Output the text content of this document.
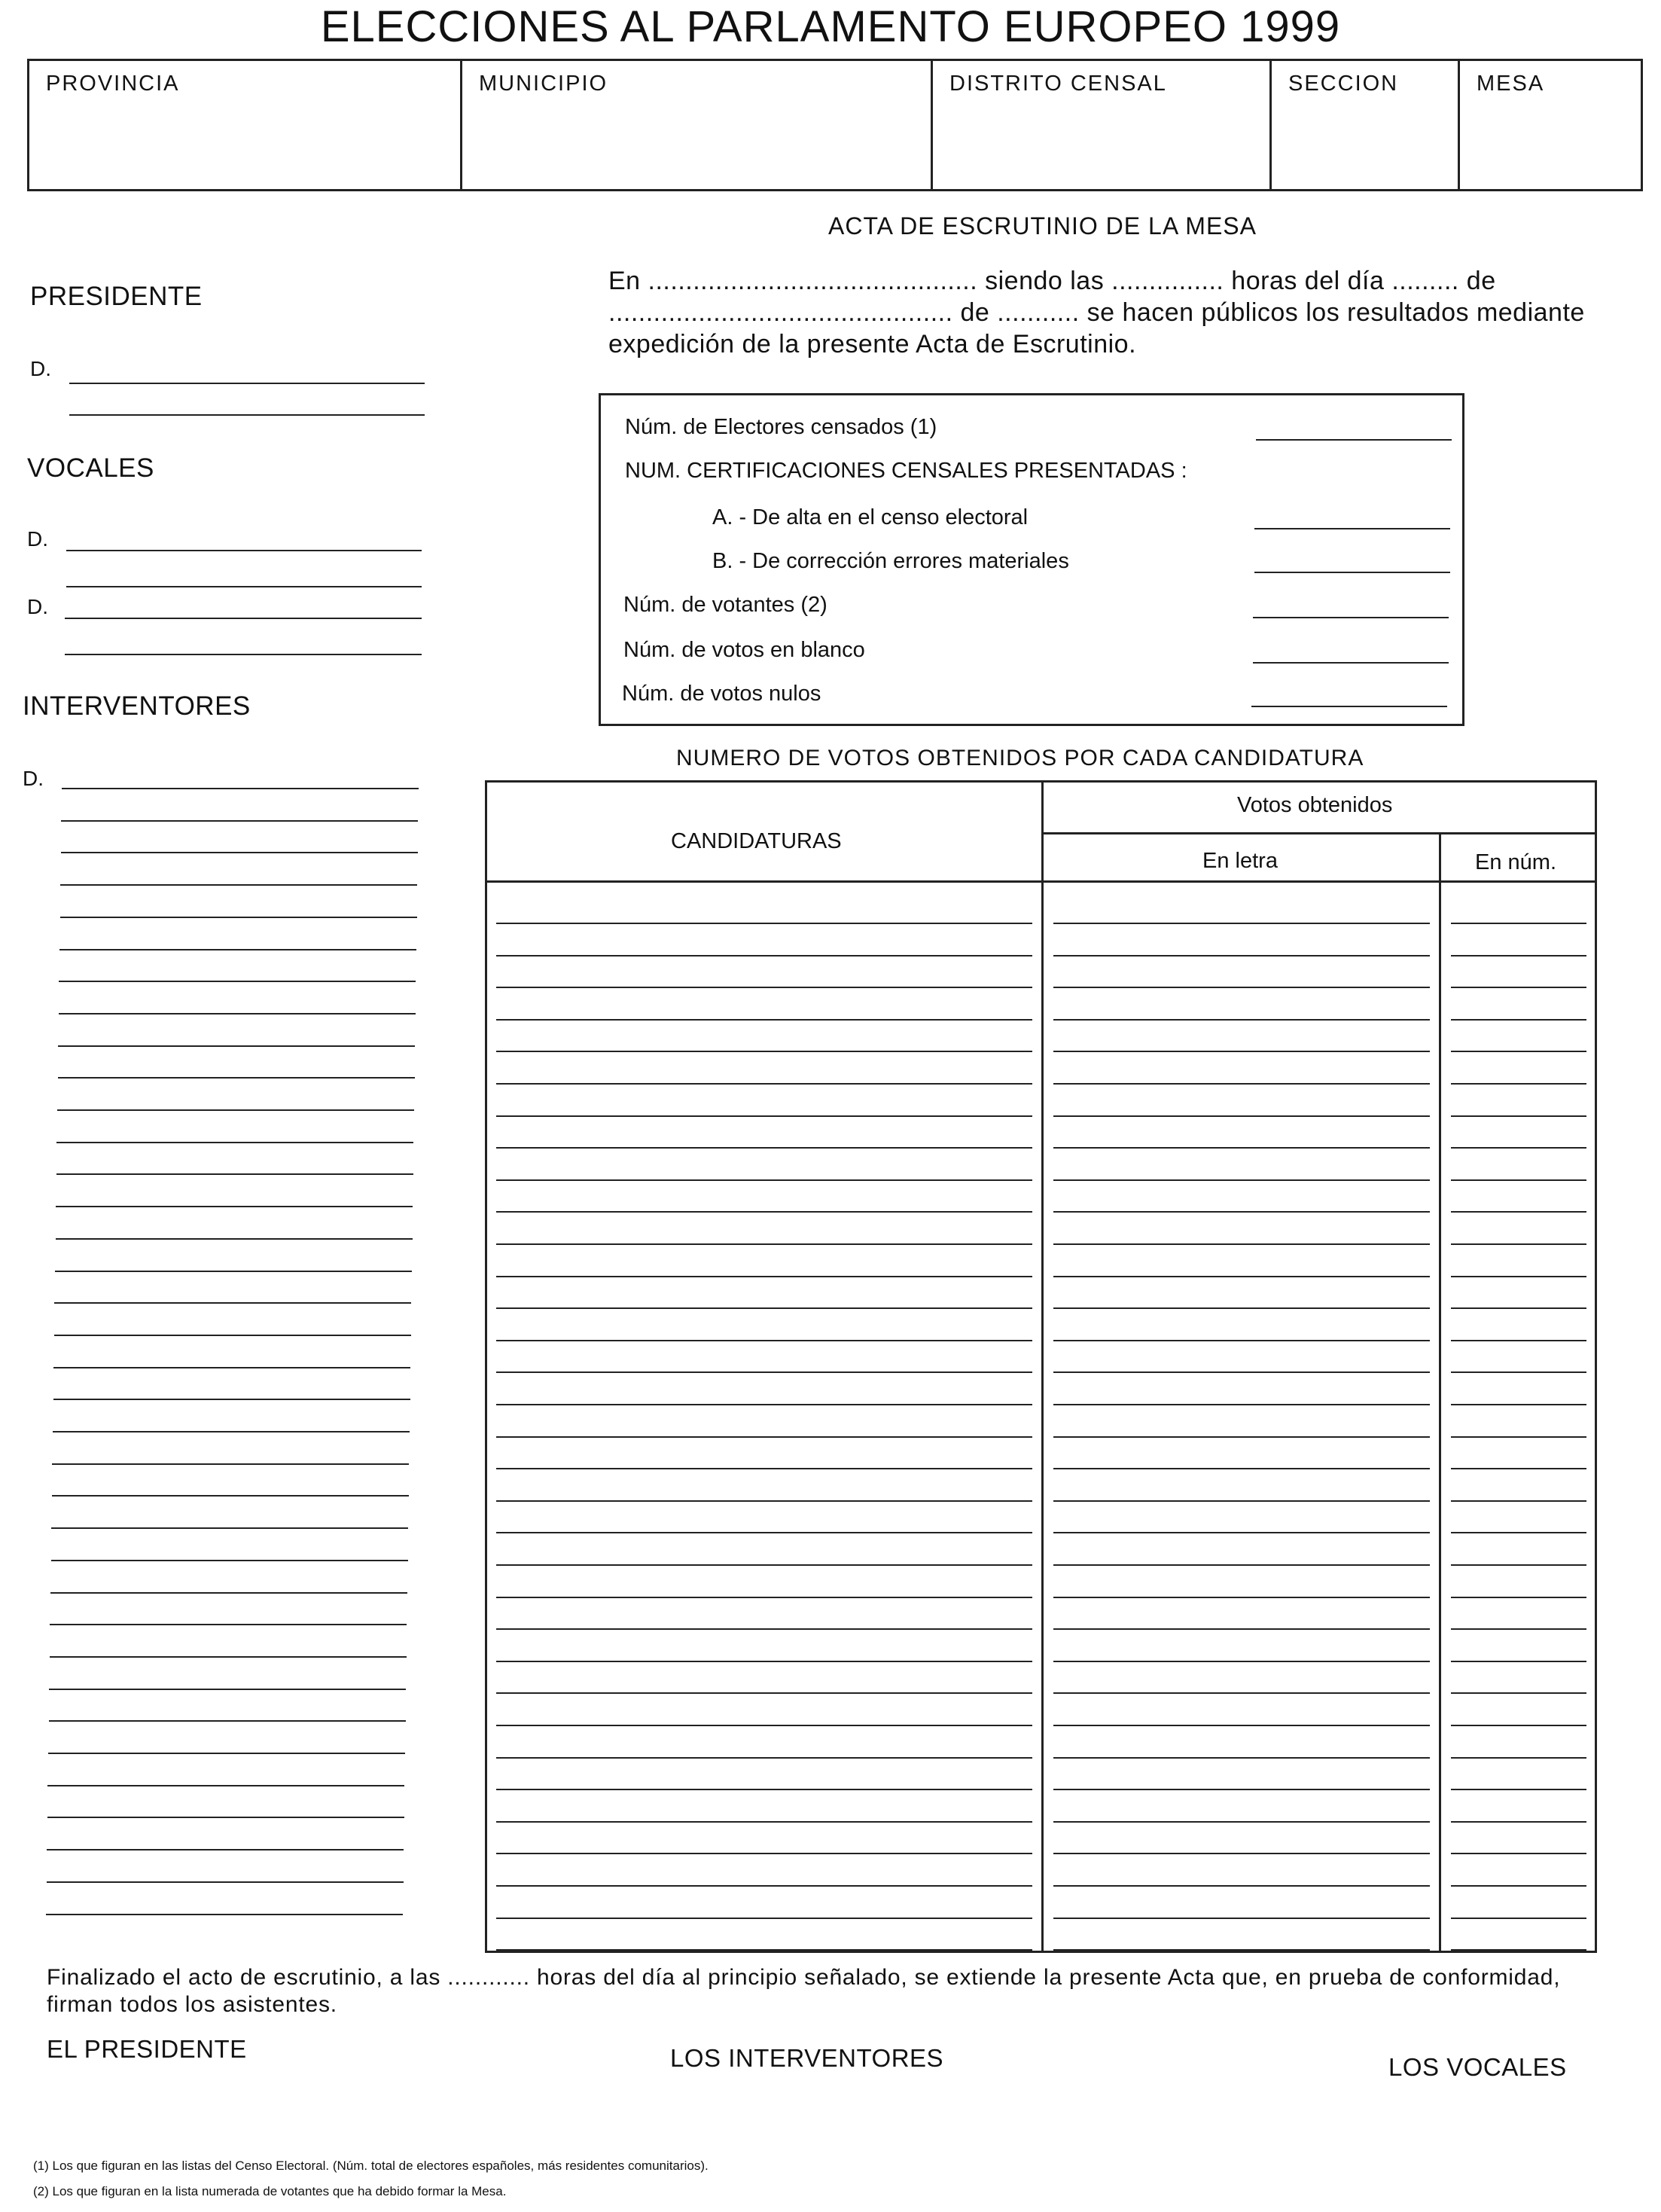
ELECCIONES AL PARLAMENTO EUROPEO 1999
PROVINCIA	MUNICIPIO	DISTRITO CENSAL	SECCION	MESA
ACTA DE ESCRUTINIO DE LA MESA
En ............................................ siendo las ............... horas del día ......... de .............................................. de ........... se hacen públicos los resultados mediante expedición de la presente Acta de Escrutinio.
PRESIDENTE
D.
VOCALES
D.
D.
INTERVENTORES
D.
Núm. de Electores censados (1)
NUM. CERTIFICACIONES CENSALES PRESENTADAS :
A. - De alta en el censo electoral
B. - De corrección errores materiales
Núm. de votantes (2)
Núm. de votos en blanco
Núm. de votos nulos
NUMERO DE VOTOS OBTENIDOS POR CADA CANDIDATURA
CANDIDATURAS
Votos obtenidos
En letra	En núm.
Finalizado el acto de escrutinio, a las ............ horas del día al principio señalado, se extiende la presente Acta que, en prueba de conformidad, firman todos los asistentes.
EL PRESIDENTE	LOS INTERVENTORES	LOS VOCALES
(1) Los que figuran en las listas del Censo Electoral. (Núm. total de electores españoles, más residentes comunitarios).
(2) Los que figuran en la lista numerada de votantes que ha debido formar la Mesa.
